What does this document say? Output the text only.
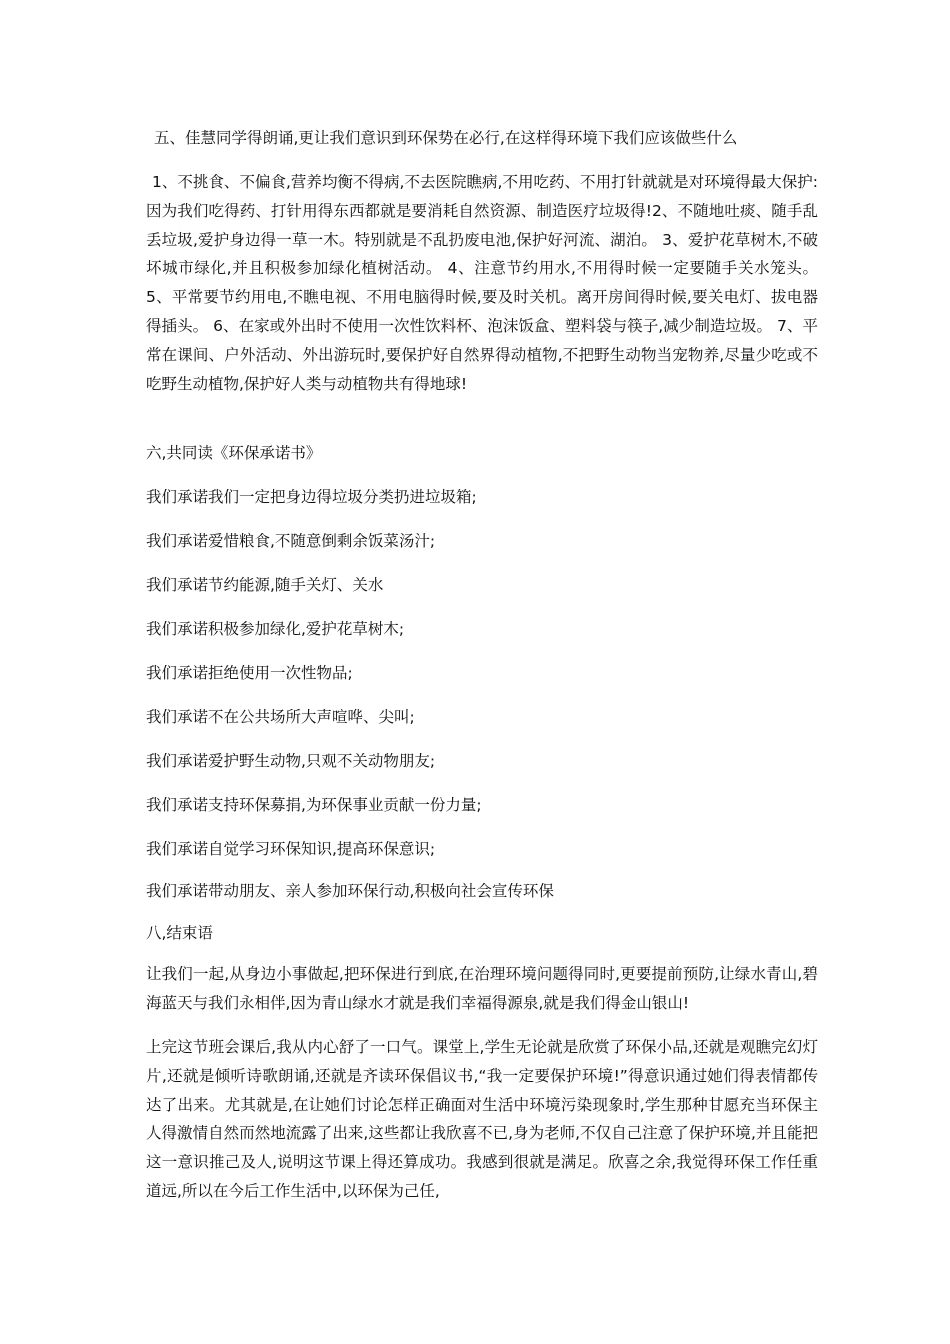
五、佳慧同学得朗诵,更让我们意识到环保势在必行,在这样得环境下我们应该做些什么

1、不挑食、不偏食,营养均衡不得病,不去医院瞧病,不用吃药、不用打针就就是对环境得最大保护:因为我们吃得药、打针用得东西都就是要消耗自然资源、制造医疗垃圾得!2、不随地吐痰、随手乱丢垃圾,爱护身边得一草一木。特别就是不乱扔废电池,保护好河流、湖泊。 3、爱护花草树木,不破坏城市绿化,并且积极参加绿化植树活动。 4、注意节约用水,不用得时候一定要随手关水笼头。 5、平常要节约用电,不瞧电视、不用电脑得时候,要及时关机。离开房间得时候,要关电灯、拔电器得插头。 6、在家或外出时不使用一次性饮料杯、泡沫饭盒、塑料袋与筷子,减少制造垃圾。 7、平常在课间、户外活动、外出游玩时,要保护好自然界得动植物,不把野生动物当宠物养,尽量少吃或不吃野生动植物,保护好人类与动植物共有得地球!

六,共同读《环保承诺书》
我们承诺我们一定把身边得垃圾分类扔进垃圾箱;
我们承诺爱惜粮食,不随意倒剩余饭菜汤汁;
我们承诺节约能源,随手关灯、关水
我们承诺积极参加绿化,爱护花草树木;
我们承诺拒绝使用一次性物品;
我们承诺不在公共场所大声喧哗、尖叫;
我们承诺爱护野生动物,只观不关动物朋友;
我们承诺支持环保募捐,为环保事业贡献一份力量;
我们承诺自觉学习环保知识,提高环保意识;
我们承诺带动朋友、亲人参加环保行动,积极向社会宣传环保
八,结束语

让我们一起,从身边小事做起,把环保进行到底,在治理环境问题得同时,更要提前预防,让绿水青山,碧海蓝天与我们永相伴,因为青山绿水才就是我们幸福得源泉,就是我们得金山银山!

上完这节班会课后,我从内心舒了一口气。课堂上,学生无论就是欣赏了环保小品,还就是观瞧完幻灯片,还就是倾听诗歌朗诵,还就是齐读环保倡议书,“我一定要保护环境!”得意识通过她们得表情都传达了出来。尤其就是,在让她们讨论怎样正确面对生活中环境污染现象时,学生那种甘愿充当环保主人得激情自然而然地流露了出来,这些都让我欣喜不已,身为老师,不仅自己注意了保护环境,并且能把这一意识推己及人,说明这节课上得还算成功。我感到很就是满足。欣喜之余,我觉得环保工作任重道远,所以在今后工作生活中,以环保为己任,
